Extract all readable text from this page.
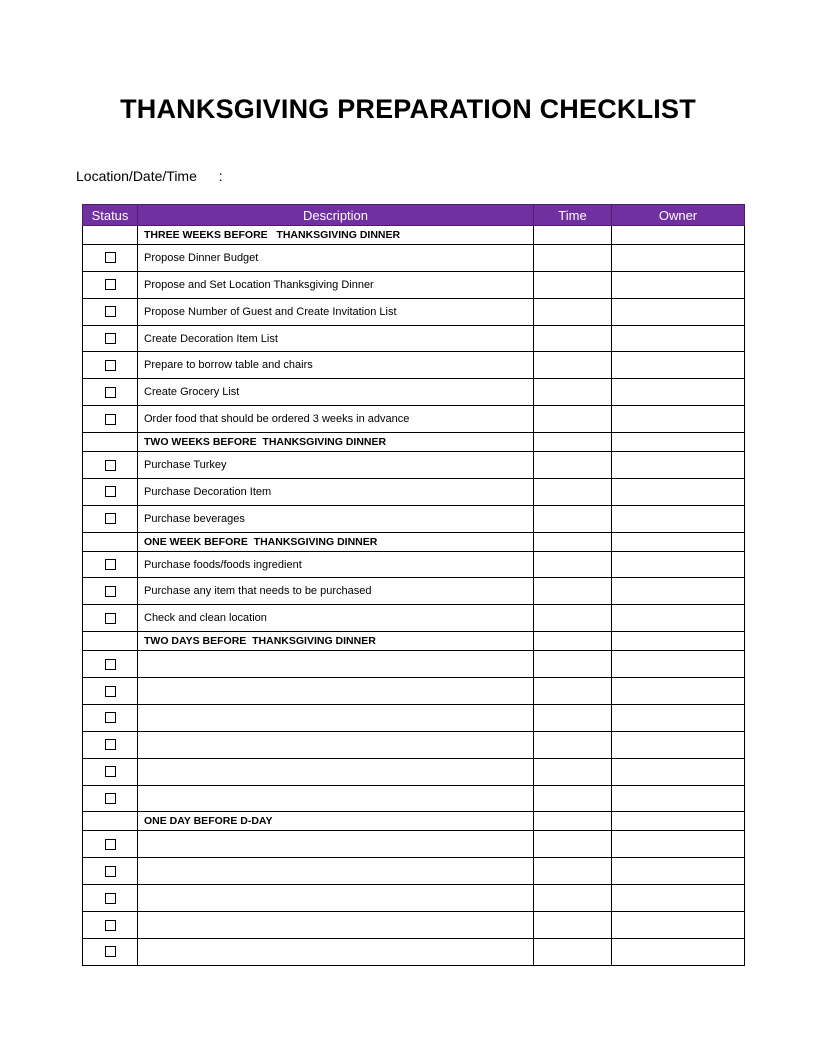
THANKSGIVING PREPARATION CHECKLIST
Location/Date/Time :
Status	Description	Time	Owner
	THREE WEEKS BEFORE   THANKSGIVING DINNER		
	Propose Dinner Budget		
	Propose and Set Location Thanksgiving Dinner		
	Propose Number of Guest and Create Invitation List		
	Create Decoration Item List		
	Prepare to borrow table and chairs		
	Create Grocery List		
	Order food that should be ordered 3 weeks in advance		
	TWO WEEKS BEFORE  THANKSGIVING DINNER		
	Purchase Turkey		
	Purchase Decoration Item		
	Purchase beverages		
	ONE WEEK BEFORE  THANKSGIVING DINNER		
	Purchase foods/foods ingredient		
	Purchase any item that needs to be purchased		
	Check and clean location		
	TWO DAYS BEFORE  THANKSGIVING DINNER		

	ONE DAY BEFORE D-DAY		
